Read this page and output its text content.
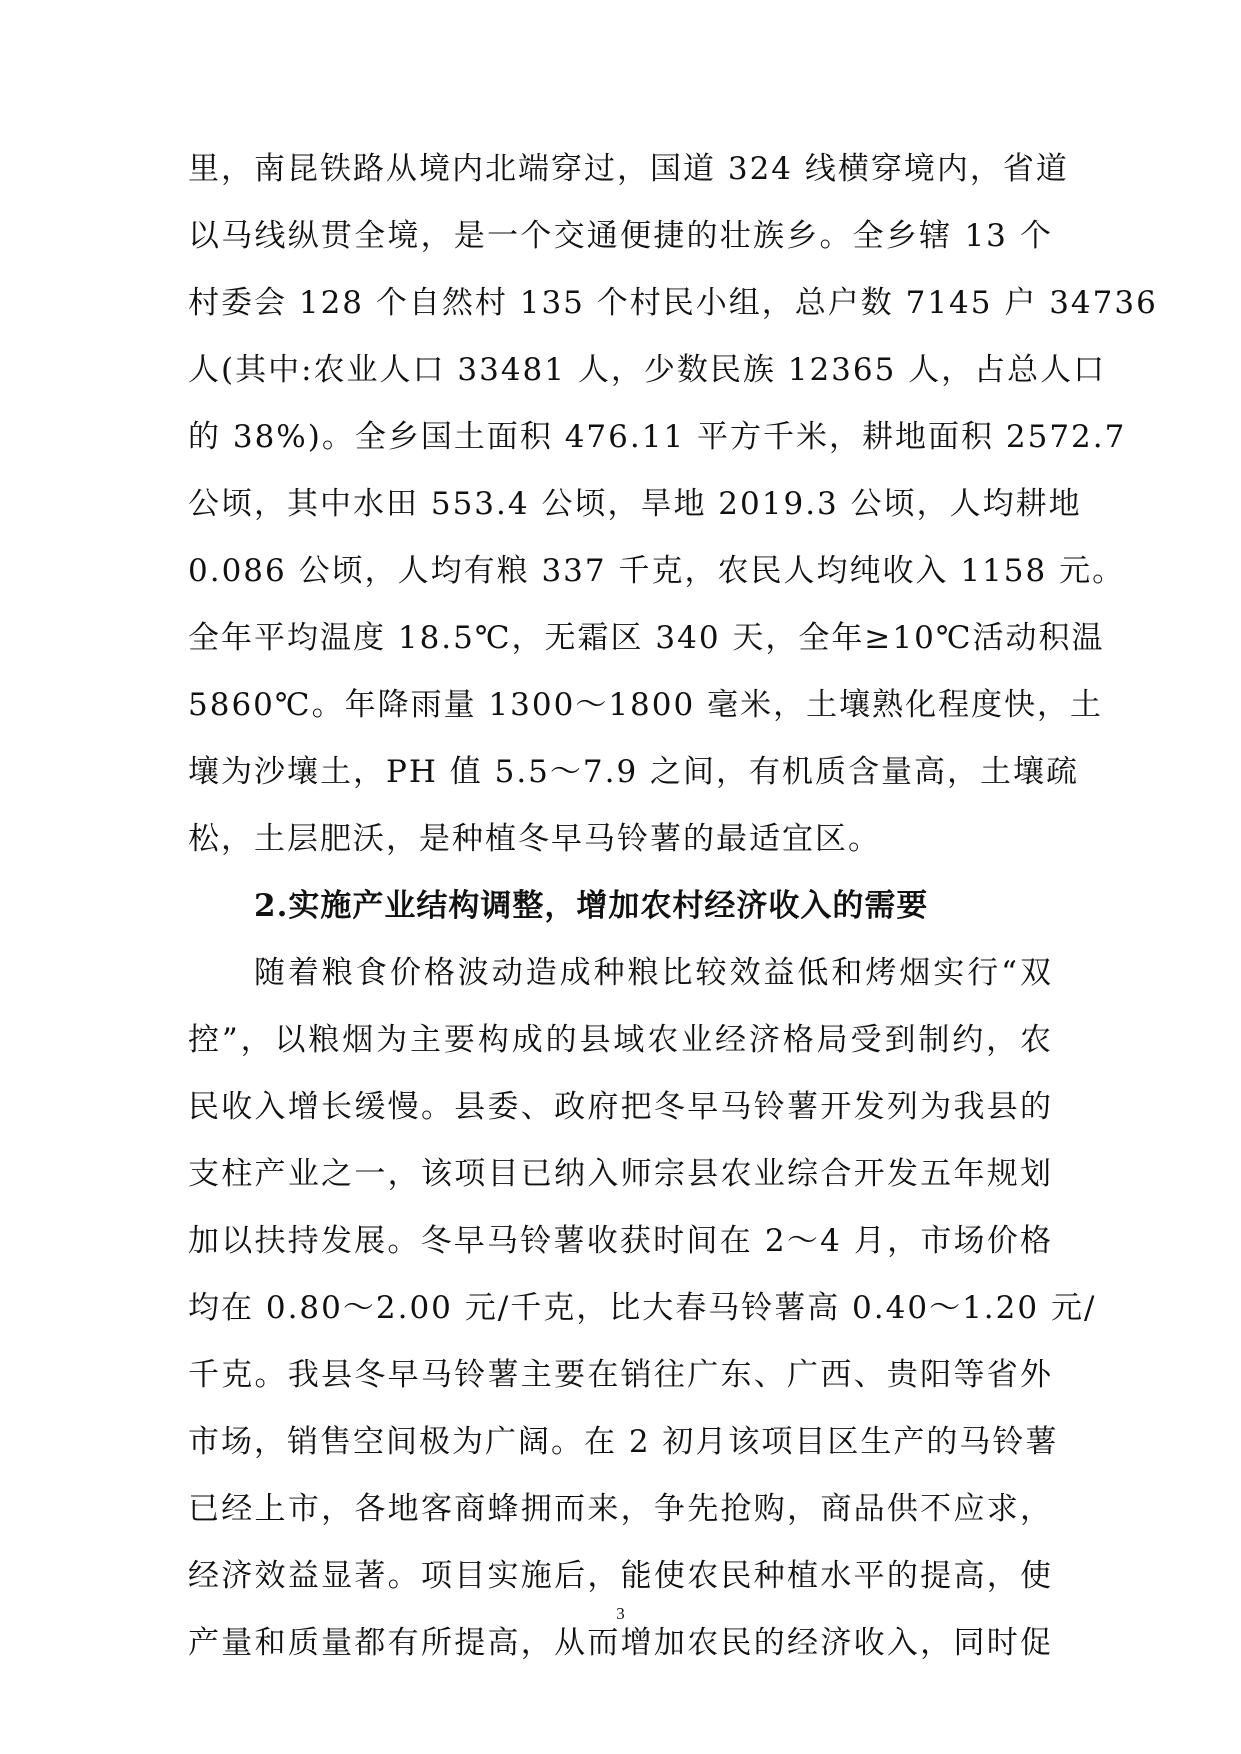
里，南昆铁路从境内北端穿过，国道 324 线横穿境内，省道
以马线纵贯全境，是一个交通便捷的壮族乡。全乡辖 13 个
村委会 128 个自然村 135 个村民小组，总户数 7145 户 34736
人(其中:农业人口 33481 人，少数民族 12365 人，占总人口
的 38%)。全乡国土面积 476.11 平方千米，耕地面积 2572.7
公顷，其中水田 553.4 公顷，旱地 2019.3 公顷，人均耕地
0.086 公顷，人均有粮 337 千克，农民人均纯收入 1158 元。
全年平均温度 18.5℃，无霜区 340 天，全年≥10℃活动积温
5860℃。年降雨量 1300～1800 毫米，土壤熟化程度快，土
壤为沙壤土，PH 值 5.5～7.9 之间，有机质含量高，土壤疏
松，土层肥沃，是种植冬早马铃薯的最适宜区。
2.实施产业结构调整，增加农村经济收入的需要
随着粮食价格波动造成种粮比较效益低和烤烟实行“双
控”，以粮烟为主要构成的县域农业经济格局受到制约，农
民收入增长缓慢。县委、政府把冬早马铃薯开发列为我县的
支柱产业之一，该项目已纳入师宗县农业综合开发五年规划
加以扶持发展。冬早马铃薯收获时间在 2～4 月，市场价格
均在 0.80～2.00 元/千克，比大春马铃薯高 0.40～1.20 元/
千克。我县冬早马铃薯主要在销往广东、广西、贵阳等省外
市场，销售空间极为广阔。在 2 初月该项目区生产的马铃薯
已经上市，各地客商蜂拥而来，争先抢购，商品供不应求，
经济效益显著。项目实施后，能使农民种植水平的提高，使
产量和质量都有所提高，从而增加农民的经济收入，同时促
3
